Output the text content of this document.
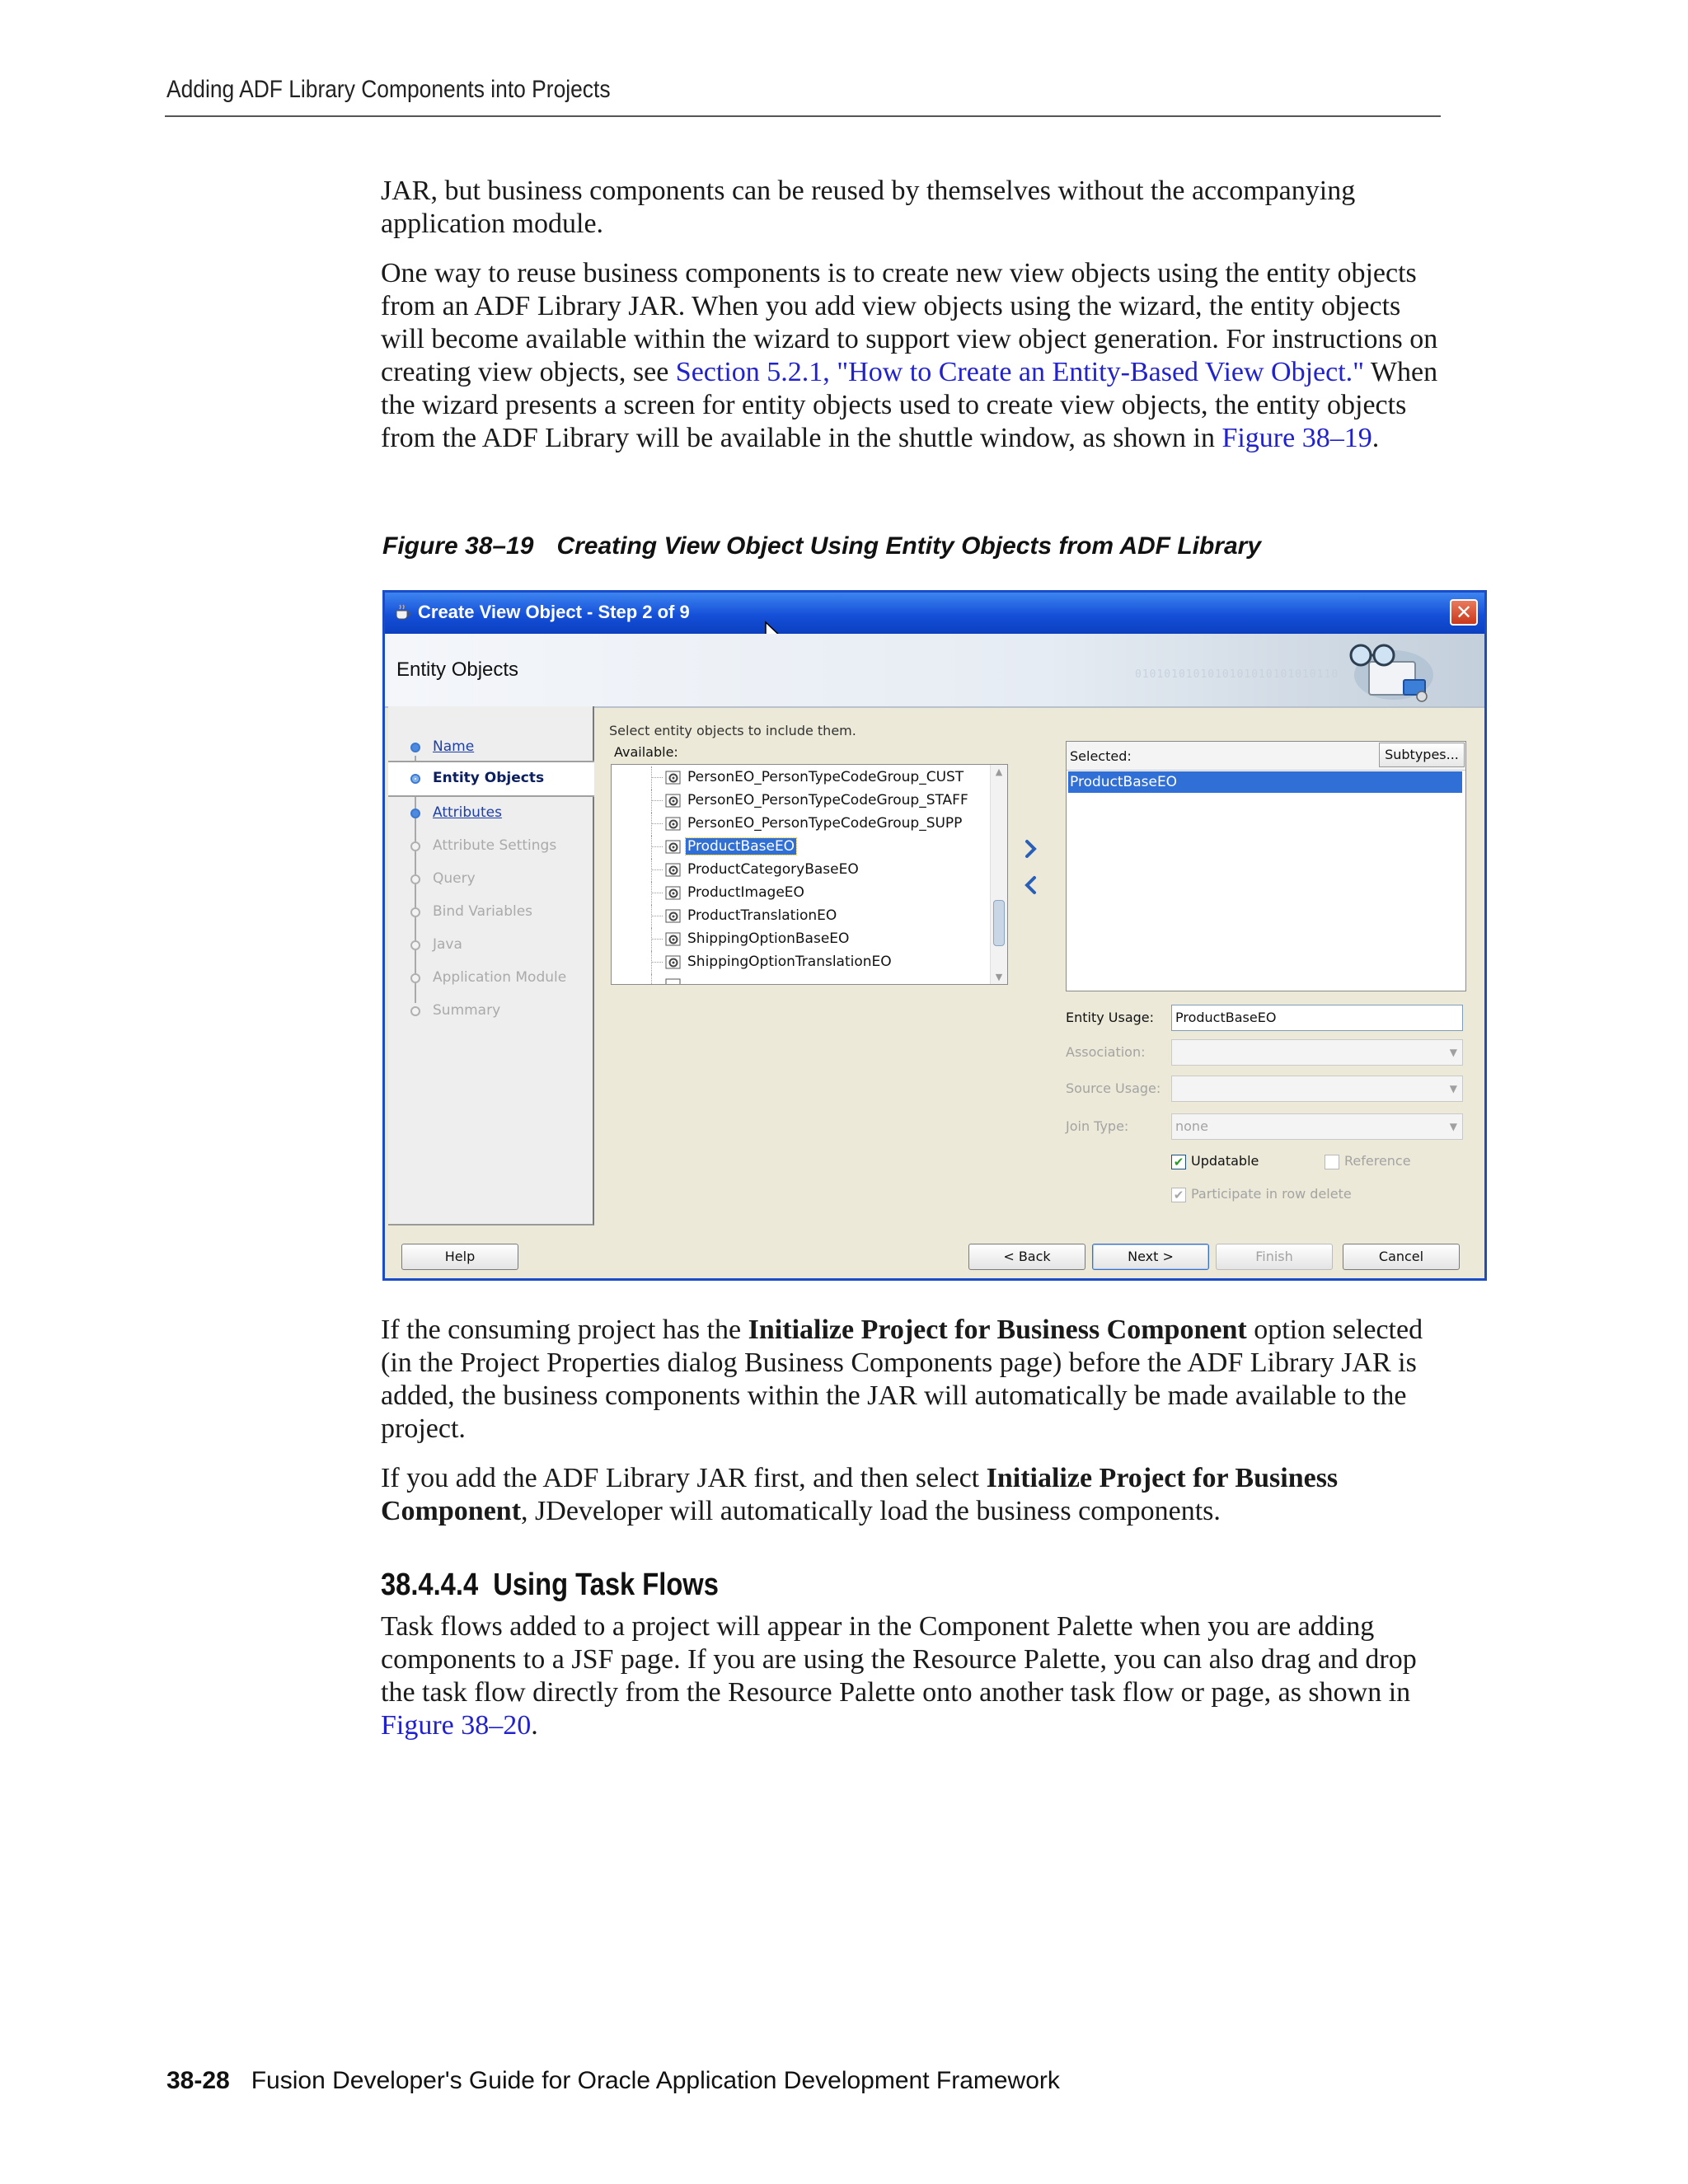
Adding ADF Library Components into Projects

JAR, but business components can be reused by themselves without the accompanying application module.

One way to reuse business components is to create new view objects using the entity objects from an ADF Library JAR. When you add view objects using the wizard, the entity objects will become available within the wizard to support view object generation. For instructions on creating view objects, see Section 5.2.1, "How to Create an Entity-Based View Object." When the wizard presents a screen for entity objects used to create view objects, the entity objects from the ADF Library will be available in the shuttle window, as shown in Figure 38–19.

Figure 38–19 Creating View Object Using Entity Objects from ADF Library
Create View Object - Step 2 of 9	✕
Entity Objects	0101010101010101010101010110
Name
Entity Objects
Attributes
Attribute Settings
Query
Bind Variables
Java
Application Module
Summary
Select entity objects to include them.
Available:
PersonEO_PersonTypeCodeGroup_CUST
PersonEO_PersonTypeCodeGroup_STAFF
PersonEO_PersonTypeCodeGroup_SUPP
ProductBaseEO
ProductCategoryBaseEO
ProductImageEO
ProductTranslationEO
ShippingOptionBaseEO
ShippingOptionTranslationEO
▲
▼
Selected:	Subtypes...
ProductBaseEO
Entity Usage:	ProductBaseEO
Association:	▼
Source Usage:	▼
Join Type:	none	▼
✔ Updatable	Reference
✔ Participate in row delete
Help	< Back	Next >	Finish	Cancel

If the consuming project has the Initialize Project for Business Component option selected (in the Project Properties dialog Business Components page) before the ADF Library JAR is added, the business components within the JAR will automatically be made available to the project.

If you add the ADF Library JAR first, and then select Initialize Project for Business Component, JDeveloper will automatically load the business components.

38.4.4.4 Using Task Flows

Task flows added to a project will appear in the Component Palette when you are adding components to a JSF page. If you are using the Resource Palette, you can also drag and drop the task flow directly from the Resource Palette onto another task flow or page, as shown in Figure 38–20.

38-28 Fusion Developer's Guide for Oracle Application Development Framework
